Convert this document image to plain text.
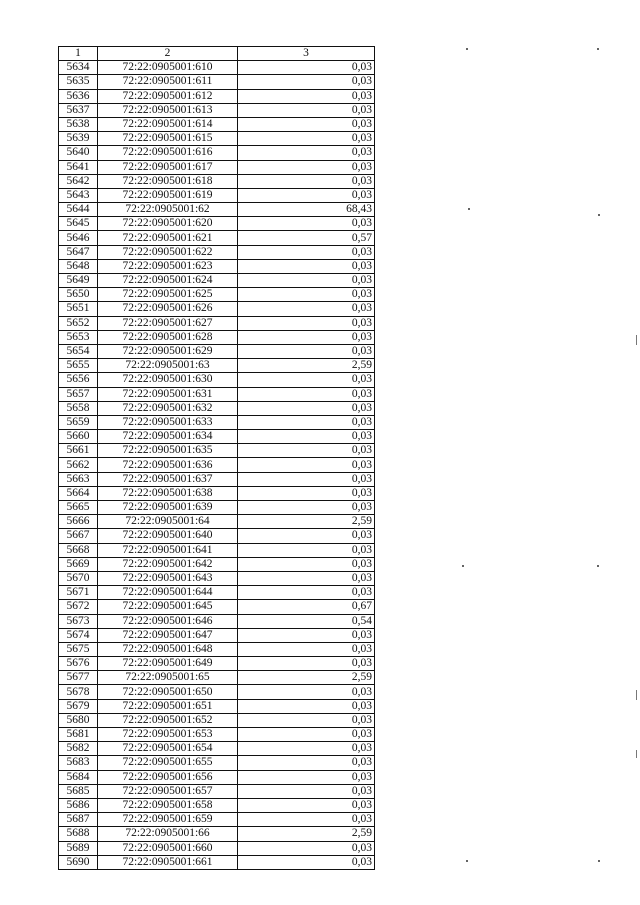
1	2	3
5634	72:22:0905001:610	0,03
5635	72:22:0905001:611	0,03
5636	72:22:0905001:612	0,03
5637	72:22:0905001:613	0,03
5638	72:22:0905001:614	0,03
5639	72:22:0905001:615	0,03
5640	72:22:0905001:616	0,03
5641	72:22:0905001:617	0,03
5642	72:22:0905001:618	0,03
5643	72:22:0905001:619	0,03
5644	72:22:0905001:62	68,43
5645	72:22:0905001:620	0,03
5646	72:22:0905001:621	0,57
5647	72:22:0905001:622	0,03
5648	72:22:0905001:623	0,03
5649	72:22:0905001:624	0,03
5650	72:22:0905001:625	0,03
5651	72:22:0905001:626	0,03
5652	72:22:0905001:627	0,03
5653	72:22:0905001:628	0,03
5654	72:22:0905001:629	0,03
5655	72:22:0905001:63	2,59
5656	72:22:0905001:630	0,03
5657	72:22:0905001:631	0,03
5658	72:22:0905001:632	0,03
5659	72:22:0905001:633	0,03
5660	72:22:0905001:634	0,03
5661	72:22:0905001:635	0,03
5662	72:22:0905001:636	0,03
5663	72:22:0905001:637	0,03
5664	72:22:0905001:638	0,03
5665	72:22:0905001:639	0,03
5666	72:22:0905001:64	2,59
5667	72:22:0905001:640	0,03
5668	72:22:0905001:641	0,03
5669	72:22:0905001:642	0,03
5670	72:22:0905001:643	0,03
5671	72:22:0905001:644	0,03
5672	72:22:0905001:645	0,67
5673	72:22:0905001:646	0,54
5674	72:22:0905001:647	0,03
5675	72:22:0905001:648	0,03
5676	72:22:0905001:649	0,03
5677	72:22:0905001:65	2,59
5678	72:22:0905001:650	0,03
5679	72:22:0905001:651	0,03
5680	72:22:0905001:652	0,03
5681	72:22:0905001:653	0,03
5682	72:22:0905001:654	0,03
5683	72:22:0905001:655	0,03
5684	72:22:0905001:656	0,03
5685	72:22:0905001:657	0,03
5686	72:22:0905001:658	0,03
5687	72:22:0905001:659	0,03
5688	72:22:0905001:66	2,59
5689	72:22:0905001:660	0,03
5690	72:22:0905001:661	0,03
